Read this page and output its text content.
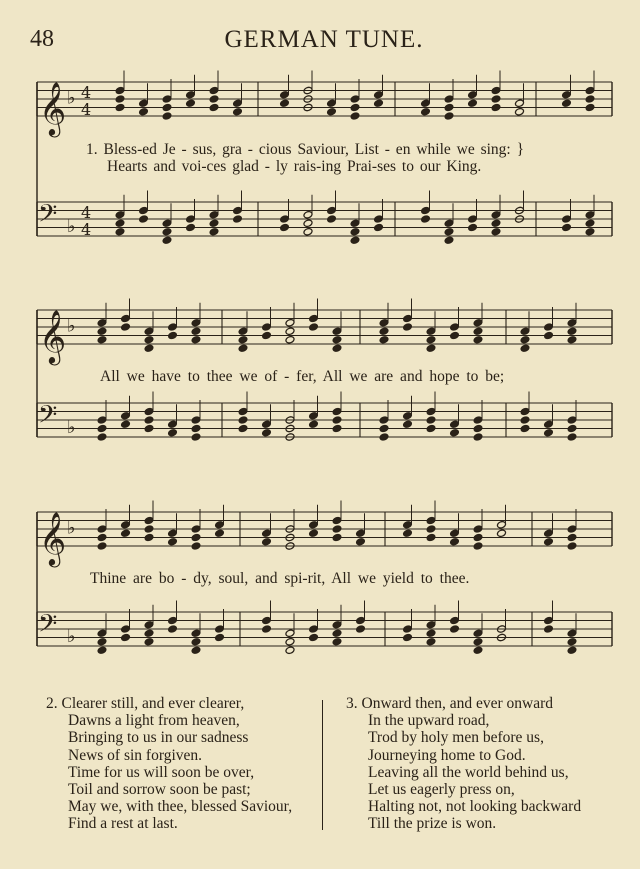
48	GERMAN TUNE.
𝄞 ♭ 4
4
𝄢 ♭
4
4
𝄞 ♭
𝄢 ♭
𝄞 ♭
𝄢 ♭
1. Bless-ed Je - sus, gra - cious Saviour, List - en while we sing: }
Hearts and voi-ces glad - ly rais-ing Prai-ses to our King.
All we have to thee we of - fer, All we are and hope to be;
Thine are bo - dy, soul, and spi-rit, All we yield to thee.
2. Clearer still, and ever clearer,
Dawns a light from heaven,
Bringing to us in our sadness
News of sin forgiven.
Time for us will soon be over,
Toil and sorrow soon be past;
May we, with thee, blessed Saviour,
Find a rest at last.
3. Onward then, and ever onward
In the upward road,
Trod by holy men before us,
Journeying home to God.
Leaving all the world behind us,
Let us eagerly press on,
Halting not, not looking backward
Till the prize is won.
